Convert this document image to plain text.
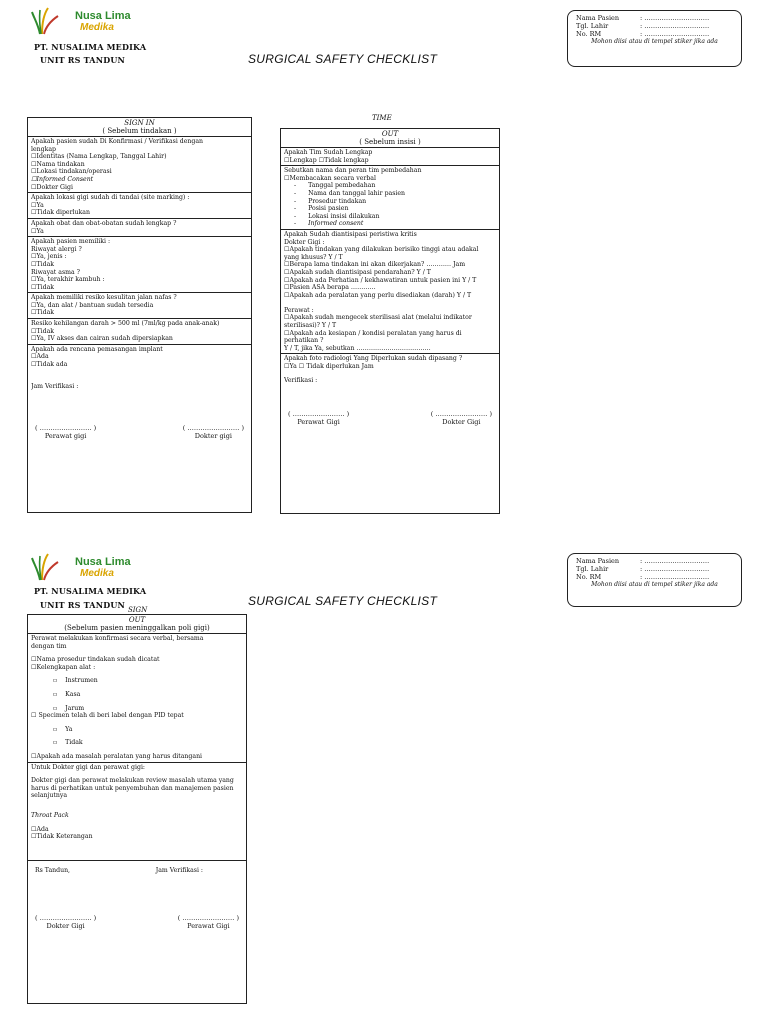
Nusa Lima
Medika
PT. NUSALIMA MEDIKA
UNIT RS TANDUN	SURGICAL SAFETY CHECKLIST
Nama Pasien	: …………………………
Tgl. Lahir	: …………………………
No. RM	: …………………………
Mohon diisi atau di tempel stiker jika ada
TIME
SIGN IN
( Sebelum tindakan )
Apakah pasien sudah Di Konfirmasi / Verifikasi dengan
lengkap
☐Identitas (Nama Lengkap, Tanggal Lahir)
☐Nama tindakan
☐Lokasi tindakan/operasi
☐Informed Consent
☐Dokter Gigi
Apakah lokasi gigi sudah di tandai (site marking) :
☐Ya
☐Tidak diperlukan
Apakah obat dan obat-obatan sudah lengkap ?
☐Ya
Apakah pasien memiliki :
Riwayat alergi ?
☐Ya, jenis :
☐Tidak
Riwayat asma ?
☐Ya, terakhir kambuh :
☐Tidak
Apakah memiliki resiko kesulitan jalan nafas ?
☐Ya, dan alat / bantuan sudah tersedia
☐Tidak
Resiko kehilangan darah > 500 ml (7ml/kg pada anak-anak)
☐Tidak
☐Ya, IV akses dan cairan sudah dipersiapkan
Apakah ada rencana pemasangan implant
☐Ada
☐Tidak ada
Jam Verifikasi :
( …………………… )
Perawat gigi
( …………………… )
Dokter gigi
OUT
( Sebelum insisi )
Apakah Tim Sudah Lengkap
☐Lengkap ☐Tidak lengkap
Sebutkan nama dan peran tim pembedahan
☐Membacakan secara verbal
- Tanggal pembedahan
- Nama dan tanggal lahir pasien
- Prosedur tindakan
- Posisi pasien
- Lokasi insisi dilakukan
- Informed consent
Apakah Sudah diantisipasi peristiwa kritis
Dokter Gigi :
☐Apakah tindakan yang dilakukan berisiko tinggi atau adakal
yang khusus? Y / T
☐Berapa lama tindakan ini akan dikerjakan? ………… Jam
☐Apakah sudah diantisipasi pendarahan? Y / T
☐Apakah ada Perhatian / kekhawatiran untuk pasien ini Y / T
☐Pasien ASA berapa …………
☐Apakah ada peralatan yang perlu disediakan (darah) Y / T

Perawat :
☐Apakah sudah mengecek sterilisasi alat (melalui indikator
sterilisasi)? Y / T
☐Apakah ada kesiapan / kondisi peralatan yang harus di
perhatikan ?
Y / T, jika Ya, sebutkan ………………………………
Apakah foto radiologi Yang Diperlukan sudah dipasang ?
☐Ya ☐ Tidak diperlukan Jam
Verifikasi :
( …………………… )
Perawat Gigi
( …………………… )
Dokter Gigi
Nusa Lima
Medika
PT. NUSALIMA MEDIKA
UNIT RS TANDUN	SURGICAL SAFETY CHECKLIST
Nama Pasien	: …………………………
Tgl. Lahir	: …………………………
No. RM	: …………………………
Mohon diisi atau di tempel stiker jika ada
SIGN
OUT
(Sebelum pasien meninggalkan poli gigi)
Perawat melakukan konfirmasi secara verbal, bersama
dengan tim
☐Nama prosedur tindakan sudah dicatat
☐Kelengkapan alat :
▫ Instrumen
▫ Kasa
▫ Jarum
☐ Specimen telah di beri label dengan PID tepat
▫ Ya
▫ Tidak
☐Apakah ada masalah peralatan yang harus ditangani
Untuk Dokter gigi dan perawat gigi:
Dokter gigi dan perawat melakukan review masalah utama yang harus di perhatikan untuk penyembuhan dan manajemen pasien selanjutnya
Throat Pack
☐Ada
☐Tidak Keterangan
Rs Tandun,	Jam Verifikasi :
( …………………… )
Dokter Gigi
( …………………… )
Perawat Gigi
